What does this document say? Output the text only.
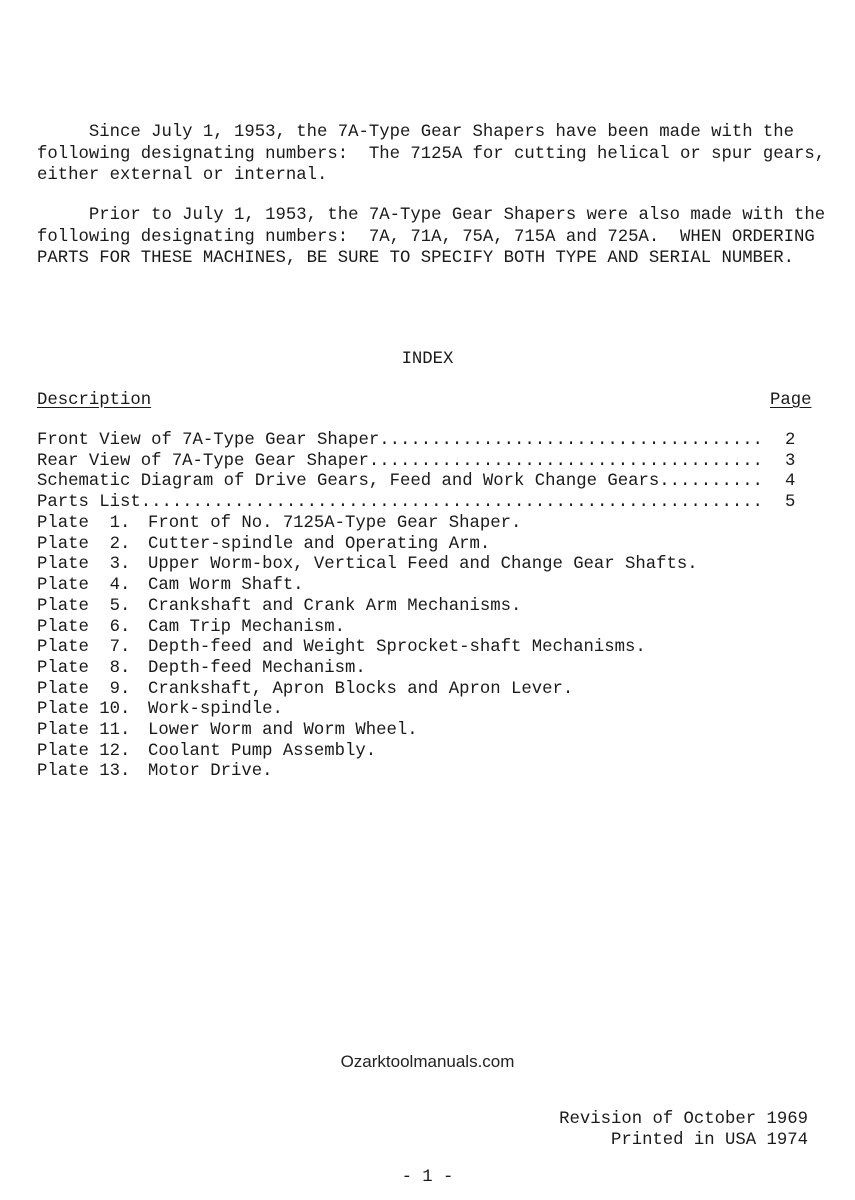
Since July 1, 1953, the 7A-Type Gear Shapers have been made with the
following designating numbers:  The 7125A for cutting helical or spur gears,
either external or internal.
Prior to July 1, 1953, the 7A-Type Gear Shapers were also made with the
following designating numbers:  7A, 71A, 75A, 715A and 725A.  WHEN ORDERING
PARTS FOR THESE MACHINES, BE SURE TO SPECIFY BOTH TYPE AND SERIAL NUMBER.
INDEX
Description	Page
Front View of 7A-Type Gear Shaper .....	2
Rear View of 7A-Type Gear Shaper .....	3
Schematic Diagram of Drive Gears, Feed and Work Change Gears .....	4
Parts List .....	5
Plate  1. Front of No. 7125A-Type Gear Shaper.
Plate  2. Cutter-spindle and Operating Arm.
Plate  3. Upper Worm-box, Vertical Feed and Change Gear Shafts.
Plate  4. Cam Worm Shaft.
Plate  5. Crankshaft and Crank Arm Mechanisms.
Plate  6. Cam Trip Mechanism.
Plate  7. Depth-feed and Weight Sprocket-shaft Mechanisms.
Plate  8. Depth-feed Mechanism.
Plate  9. Crankshaft, Apron Blocks and Apron Lever.
Plate 10. Work-spindle.
Plate 11. Lower Worm and Worm Wheel.
Plate 12. Coolant Pump Assembly.
Plate 13. Motor Drive.
Ozarktoolmanuals.com
Revision of October 1969
Printed in USA 1974
- 1 -
